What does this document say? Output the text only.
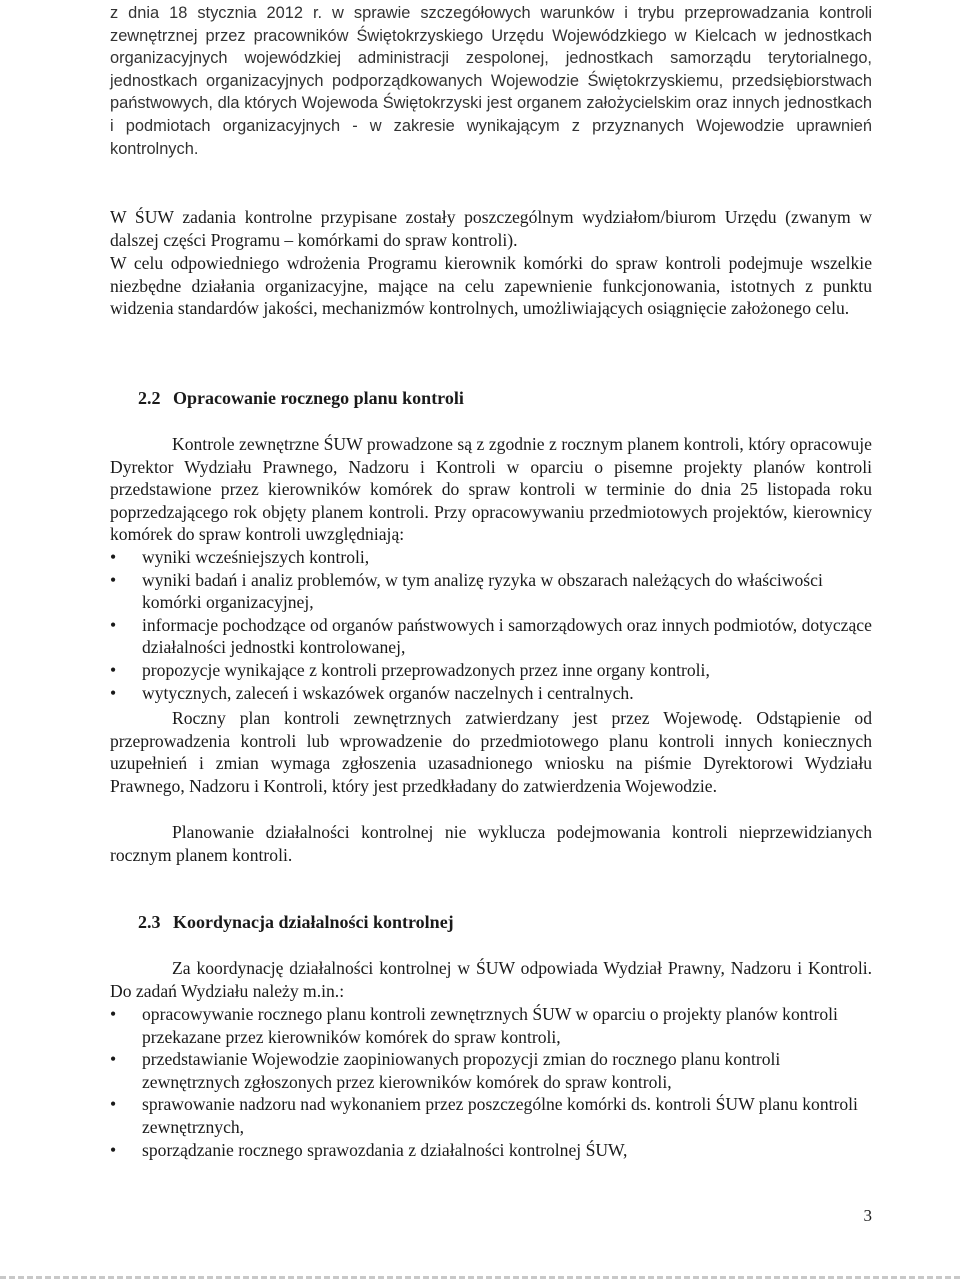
z dnia 18 stycznia 2012 r. w sprawie szczegółowych warunków i trybu przeprowadzania kontroli zewnętrznej przez pracowników Świętokrzyskiego Urzędu Wojewódzkiego w Kielcach w jednostkach organizacyjnych wojewódzkiej administracji zespolonej, jednostkach samorządu terytorialnego, jednostkach organizacyjnych podporządkowanych Wojewodzie Świętokrzyskiemu, przedsiębiorstwach państwowych, dla których Wojewoda Świętokrzyski jest organem założycielskim oraz innych jednostkach i podmiotach organizacyjnych - w zakresie wynikającym z przyznanych Wojewodzie uprawnień kontrolnych.

W ŚUW zadania kontrolne przypisane zostały poszczególnym wydziałom/biurom Urzędu (zwanym w dalszej części Programu – komórkami do spraw kontroli).

W celu odpowiedniego wdrożenia Programu kierownik komórki do spraw kontroli podejmuje wszelkie niezbędne działania organizacyjne, mające na celu zapewnienie funkcjonowania, istotnych z punktu widzenia standardów jakości, mechanizmów kontrolnych, umożliwiających osiągnięcie założonego celu.

2.2 Opracowanie rocznego planu kontroli

Kontrole zewnętrzne ŚUW prowadzone są z zgodnie z rocznym planem kontroli, który opracowuje Dyrektor Wydziału Prawnego, Nadzoru i Kontroli w oparciu o pisemne projekty planów kontroli przedstawione przez kierowników komórek do spraw kontroli w terminie do dnia 25 listopada roku poprzedzającego rok objęty planem kontroli. Przy opracowywaniu przedmiotowych projektów, kierownicy komórek do spraw kontroli uwzględniają:

•	wyniki wcześniejszych kontroli,
•	wyniki badań i analiz problemów, w tym analizę ryzyka w obszarach należących do właściwości komórki organizacyjnej,
•	informacje pochodzące od organów państwowych i samorządowych oraz innych podmiotów, dotyczące działalności jednostki kontrolowanej,
•	propozycje wynikające z kontroli przeprowadzonych przez inne organy kontroli,
•	wytycznych, zaleceń i wskazówek organów naczelnych i centralnych.

Roczny plan kontroli zewnętrznych zatwierdzany jest przez Wojewodę. Odstąpienie od przeprowadzenia kontroli lub wprowadzenie do przedmiotowego planu kontroli innych koniecznych uzupełnień i zmian wymaga zgłoszenia uzasadnionego wniosku na piśmie Dyrektorowi Wydziału Prawnego, Nadzoru i Kontroli, który jest przedkładany do zatwierdzenia Wojewodzie.

Planowanie działalności kontrolnej nie wyklucza podejmowania kontroli nieprzewidzianych rocznym planem kontroli.

2.3 Koordynacja działalności kontrolnej

Za koordynację działalności kontrolnej w ŚUW odpowiada Wydział Prawny, Nadzoru i Kontroli. Do zadań Wydziału należy m.in.:

•	opracowywanie rocznego planu kontroli zewnętrznych ŚUW w oparciu o projekty planów kontroli przekazane przez kierowników komórek do spraw kontroli,
•	przedstawianie Wojewodzie zaopiniowanych propozycji zmian do rocznego planu kontroli zewnętrznych zgłoszonych przez kierowników komórek do spraw kontroli,
•	sprawowanie nadzoru nad wykonaniem przez poszczególne komórki ds. kontroli ŚUW planu kontroli zewnętrznych,
•	sporządzanie rocznego sprawozdania z działalności kontrolnej ŚUW,
3
